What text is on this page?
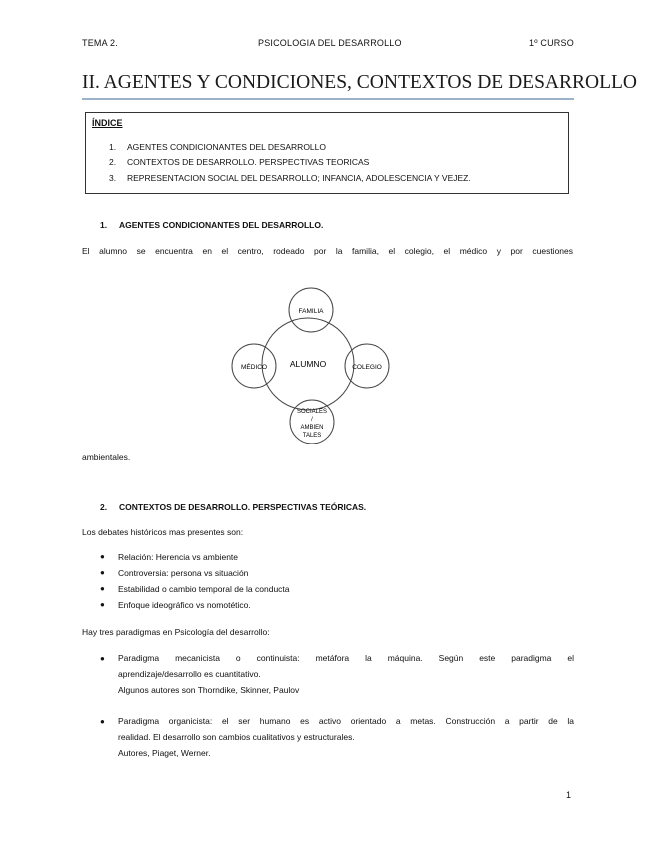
TEMA 2.	PSICOLOGIA DEL DESARROLLO	1º CURSO
II. AGENTES Y CONDICIONES, CONTEXTOS DE DESARROLLO
ÍNDICE
1. AGENTES CONDICIONANTES DEL DESARROLLO
2. CONTEXTOS DE DESARROLLO. PERSPECTIVAS TEORICAS
3. REPRESENTACION SOCIAL DEL DESARROLLO; INFANCIA, ADOLESCENCIA Y VEJEZ.
1. AGENTES CONDICIONANTES DEL DESARROLLO.
El alumno se encuentra en el centro, rodeado por la familia, el colegio, el médico y por cuestiones
ALUMNO
FAMILIA
MÉDICO	COLEGIO
SOCIALES
/
AMBIEN
TALES
ambientales.
2. CONTEXTOS DE DESARROLLO. PERSPECTIVAS TEÓRICAS.
Los debates históricos mas presentes son:
● Relación: Herencia vs ambiente
● Controversia: persona vs situación
● Estabilidad o cambio temporal de la conducta
● Enfoque ideográfico vs nomotético.
Hay tres paradigmas en Psicología del desarrollo:
● Paradigma mecanicista o continuista: metáfora la máquina. Según este paradigma el
aprendizaje/desarrollo es cuantitativo.
Algunos autores son Thorndike, Skinner, Paulov
● Paradigma organicista: el ser humano es activo orientado a metas. Construcción a partir de la
realidad. El desarrollo son cambios cualitativos y estructurales.
Autores, Piaget, Werner.
1
